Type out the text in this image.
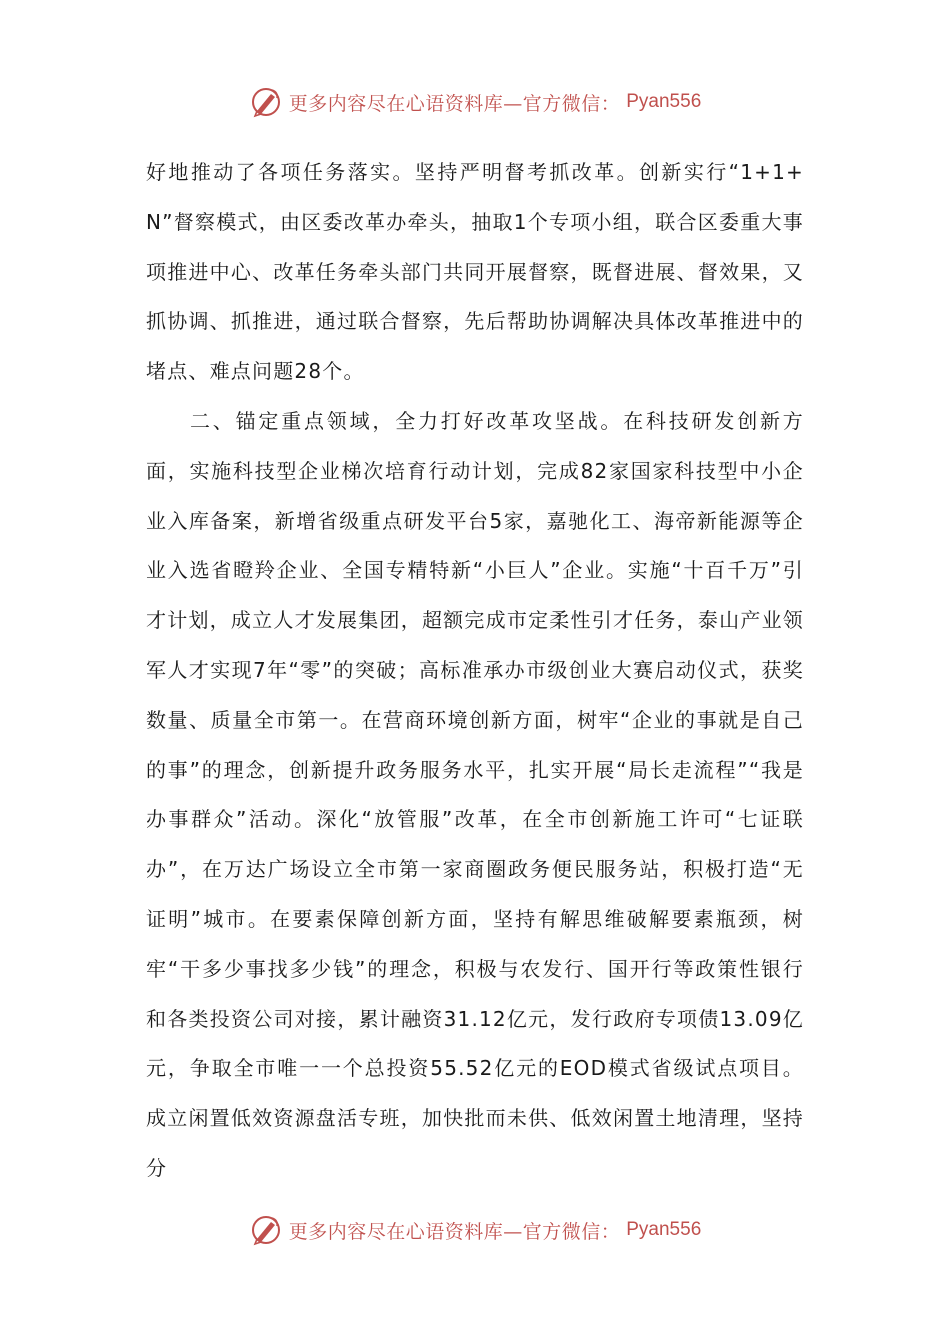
更多内容尽在心语资料库—官方微信： Pyan556

好地推动了各项任务落实。坚持严明督考抓改革。创新实行“1+1+N”督察模式，由区委改革办牵头，抽取1个专项小组，联合区委重大事项推进中心、改革任务牵头部门共同开展督察，既督进展、督效果，又抓协调、抓推进，通过联合督察，先后帮助协调解决具体改革推进中的堵点、难点问题28个。

二、锚定重点领域，全力打好改革攻坚战。在科技研发创新方面，实施科技型企业梯次培育行动计划，完成82家国家科技型中小企业入库备案，新增省级重点研发平台5家，嘉驰化工、海帝新能源等企业入选省瞪羚企业、全国专精特新“小巨人”企业。实施“十百千万”引才计划，成立人才发展集团，超额完成市定柔性引才任务，泰山产业领军人才实现7年“零”的突破；高标准承办市级创业大赛启动仪式，获奖数量、质量全市第一。在营商环境创新方面，树牢“企业的事就是自己的事”的理念，创新提升政务服务水平，扎实开展“局长走流程”“我是办事群众”活动。深化“放管服”改革，在全市创新施工许可“七证联办”，在万达广场设立全市第一家商圈政务便民服务站，积极打造“无证明”城市。在要素保障创新方面，坚持有解思维破解要素瓶颈，树牢“干多少事找多少钱”的理念，积极与农发行、国开行等政策性银行和各类投资公司对接，累计融资31.12亿元，发行政府专项债13.09亿元，争取全市唯一一个总投资55.52亿元的EOD模式省级试点项目。成立闲置低效资源盘活专班，加快批而未供、低效闲置土地清理，坚持分

更多内容尽在心语资料库—官方微信： Pyan556
